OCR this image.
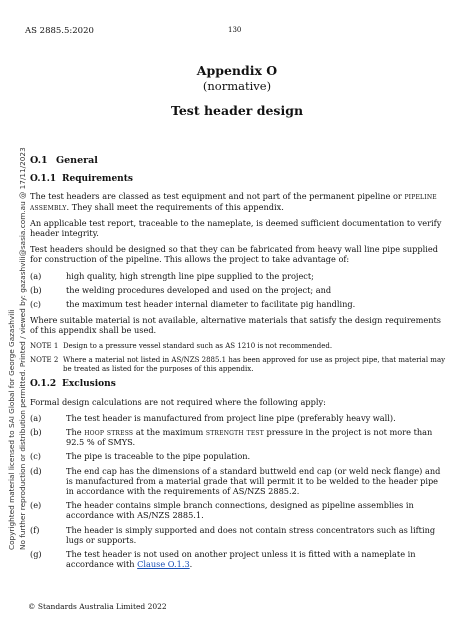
AS 2885.5:2020	130
Appendix O
(normative)
Test header design
Copyrighted material licensed to SAI Global for George Gazashvili No further reproduction or distribution permitted. Printed / viewed by: gazashvili@sasia.com.au @ 17/11/2023 O.1 General
O.1.1 Requirements

The test headers are classed as test equipment and not part of the permanent pipeline or pipeline assembly. They shall meet the requirements of this appendix.

An applicable test report, traceable to the nameplate, is deemed sufficient documentation to verify header integrity.

Test headers should be designed so that they can be fabricated from heavy wall line pipe supplied for construction of the pipeline. This allows the project to take advantage of:

(a)	high quality, high strength line pipe supplied to the project;
(b)	the welding procedures developed and used on the project; and
(c)	the maximum test header internal diameter to facilitate pig handling.

Where suitable material is not available, alternative materials that satisfy the design requirements of this appendix shall be used.

NOTE 1 Design to a pressure vessel standard such as AS 1210 is not recommended.
NOTE 2 Where a material not listed in AS/NZS 2885.1 has been approved for use as project pipe, that material may be treated as listed for the purposes of this appendix.
O.1.2 Exclusions

Formal design calculations are not required where the following apply:

(a)	The test header is manufactured from project line pipe (preferably heavy wall).
(b)	The hoop stress at the maximum strength test pressure in the project is not more than 92.5 % of SMYS.
(c)	The pipe is traceable to the pipe population.
(d)	The end cap has the dimensions of a standard buttweld end cap (or weld neck flange) and is manufactured from a material grade that will permit it to be welded to the header pipe in accordance with the requirements of AS/NZS 2885.2.
(e)	The header contains simple branch connections, designed as pipeline assemblies in accordance with AS/NZS 2885.1.
(f)	The header is simply supported and does not contain stress concentrators such as lifting lugs or supports.
(g)	The test header is not used on another project unless it is fitted with a nameplate in accordance with Clause O.1.3.
© Standards Australia Limited 2022
